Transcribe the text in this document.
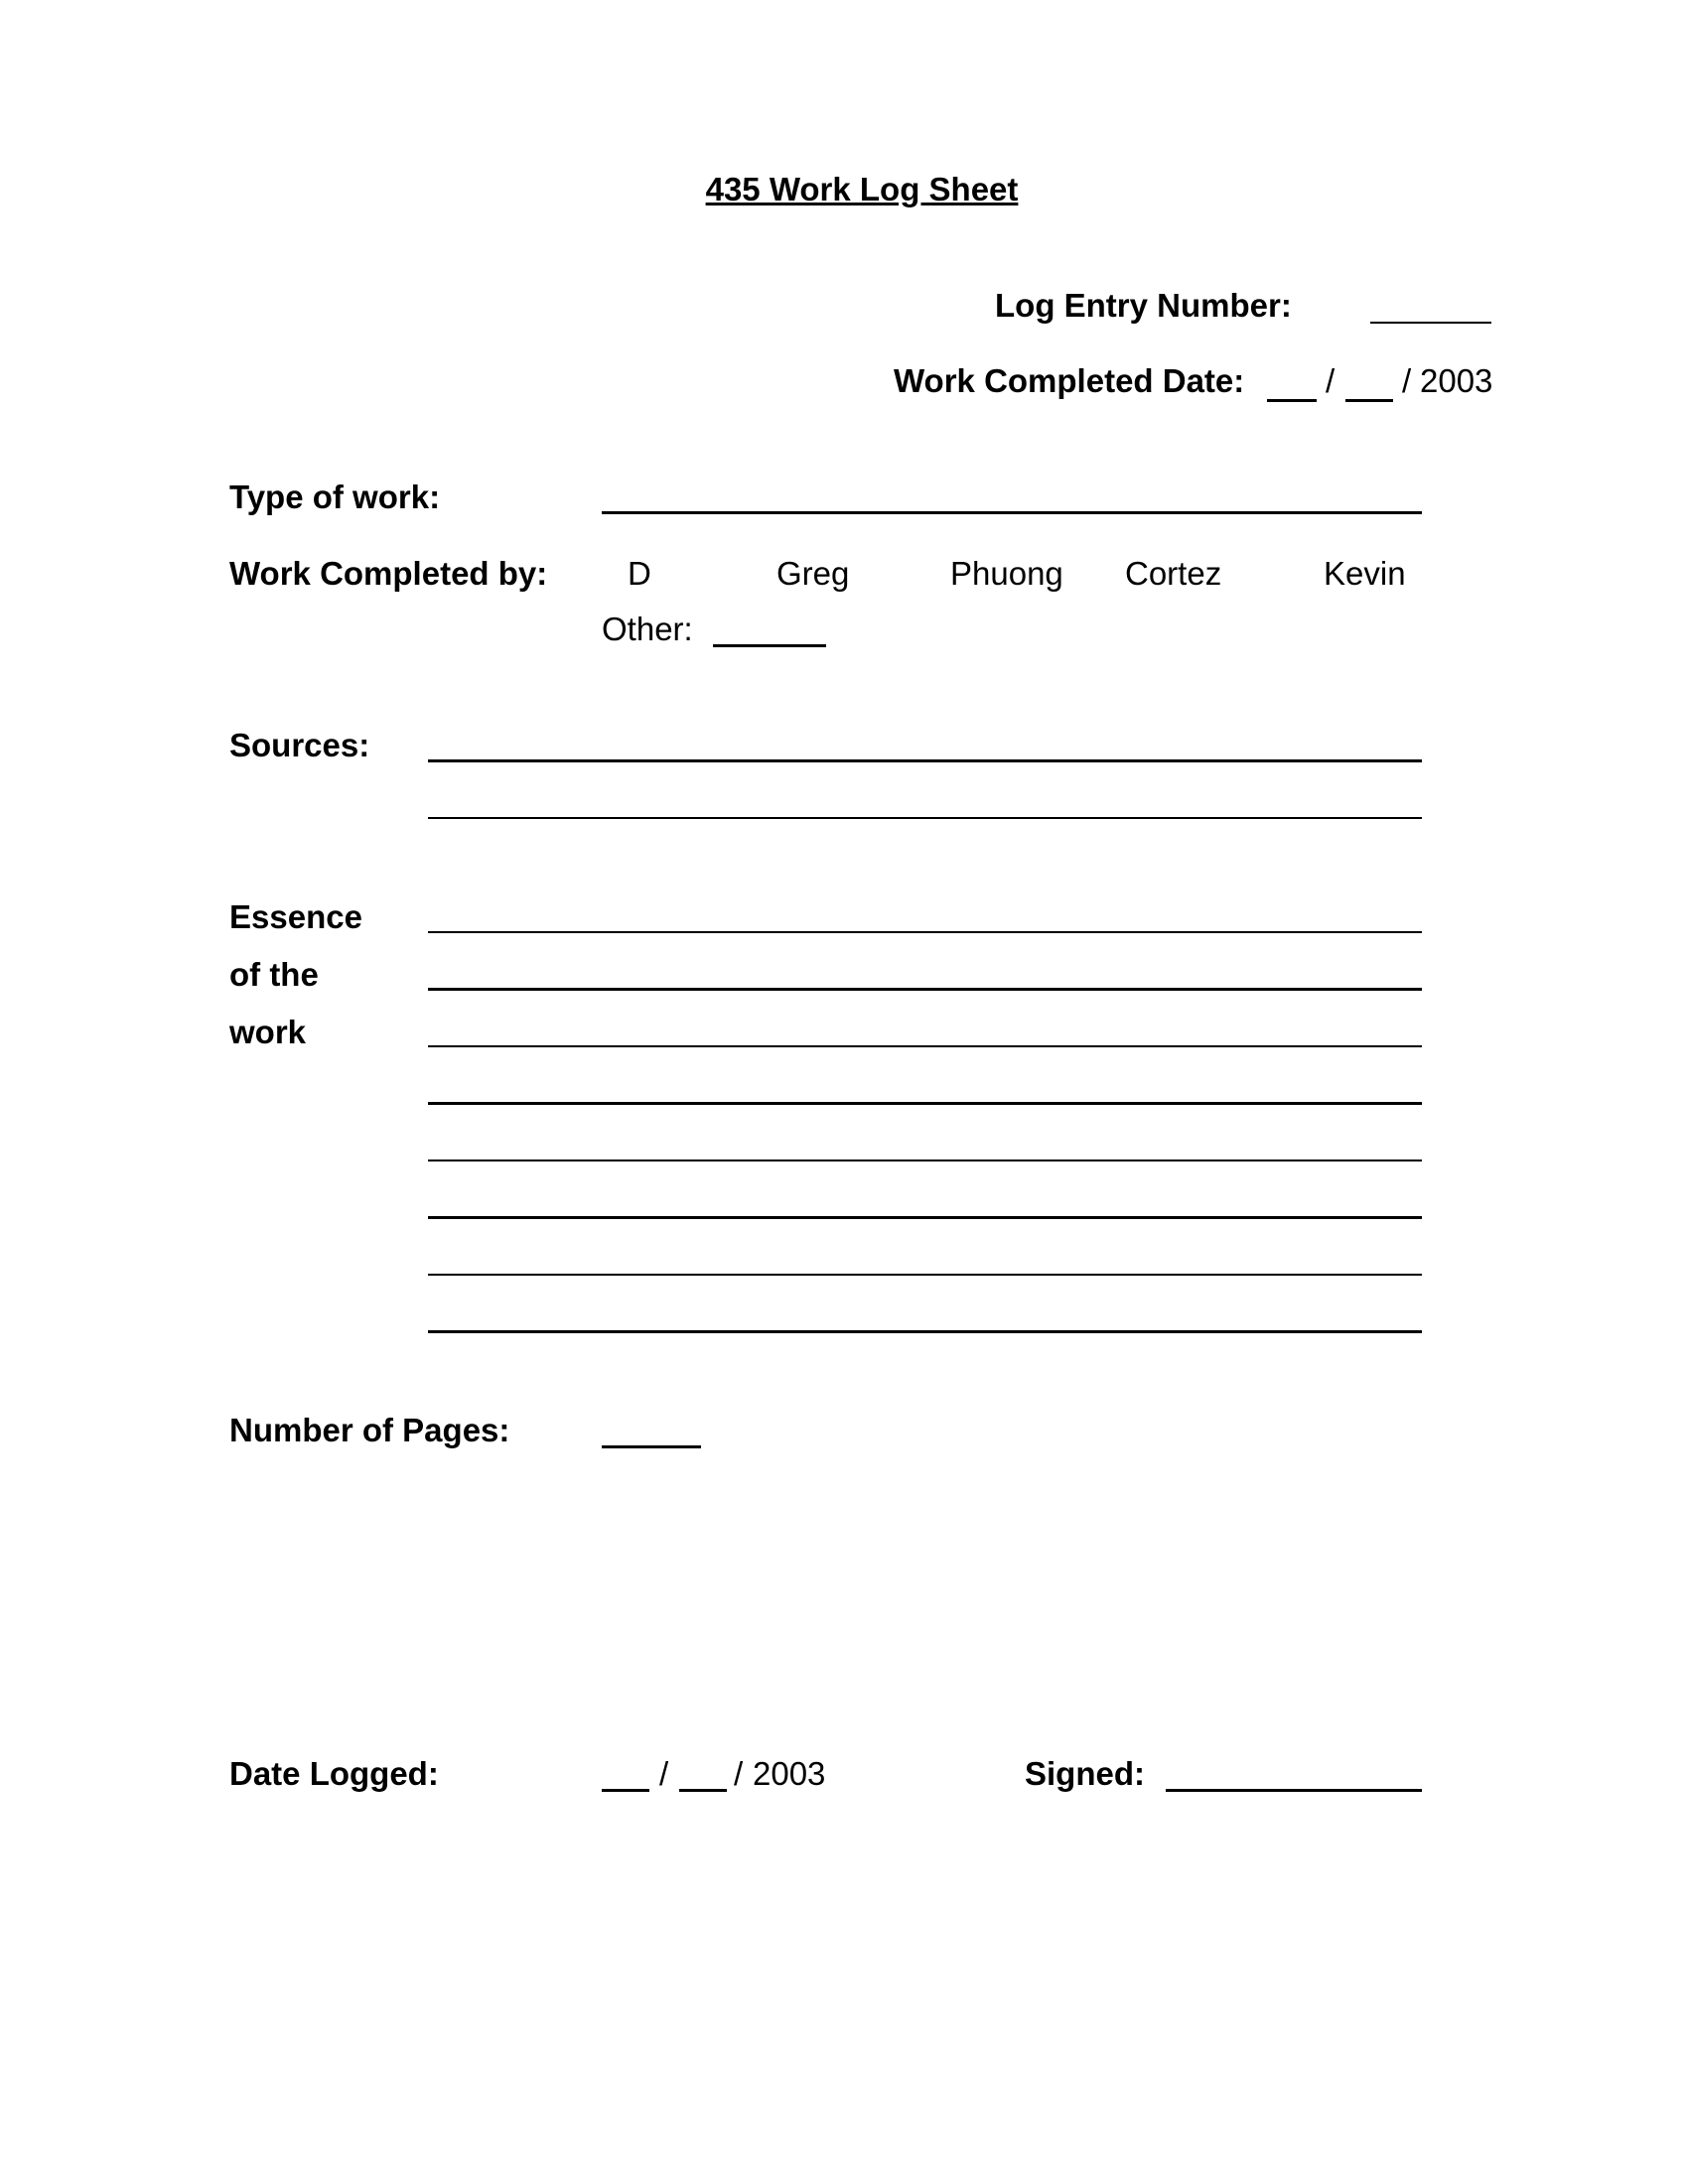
435 Work Log Sheet
Log Entry Number:
Work Completed Date: / / 2003
Type of work:
Work Completed by: D	Greg	Phuong Cortez	Kevin
Other:
Sources:
Essence
of the
work
Number of Pages:
Date Logged:	/ / 2003	Signed:
